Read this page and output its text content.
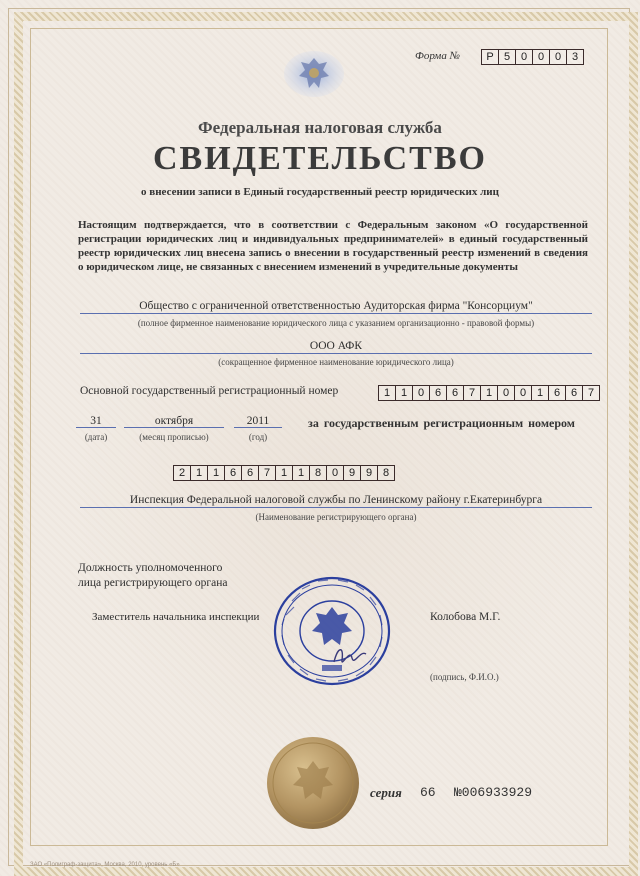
Форма №	Р 5 0 0 0 3
Федеральная налоговая служба
СВИДЕТЕЛЬСТВО
о внесении записи в Единый государственный реестр юридических лиц
Настоящим подтверждается, что в соответствии с Федеральным законом «О государственной регистрации юридических лиц и индивидуальных предпринимателей» в единый государственный реестр юридических лиц внесена запись о внесении в государственный реестр изменений в сведения о юридическом лице, не связанных с внесением изменений в учредительные документы
Общество с ограниченной ответственностью Аудиторская фирма "Консорциум"
(полное фирменное наименование юридического лица с указанием организационно - правовой формы)
ООО АФК
(сокращенное фирменное наименование юридического лица)
Основной государственный регистрационный номер	1 1 0 6 6 7 1 0 0 1 6 6 7
31
(дата)
октября
(месяц прописью)
2011
(год)
за государственным регистрационным номером
2 1 1 6 6 7 1 1 8 0 9 9 8
Инспекция Федеральной налоговой службы по Ленинскому району г.Екатеринбурга
(Наименование регистрирующего органа)
Должность уполномоченного
лица регистрирующего органа
Заместитель начальника инспекции	Колобова М.Г.
(подпись, Ф.И.О.)
серия 66 №006933929
ЗАО «Полиграф-защита», Москва, 2010, уровень «Б»
